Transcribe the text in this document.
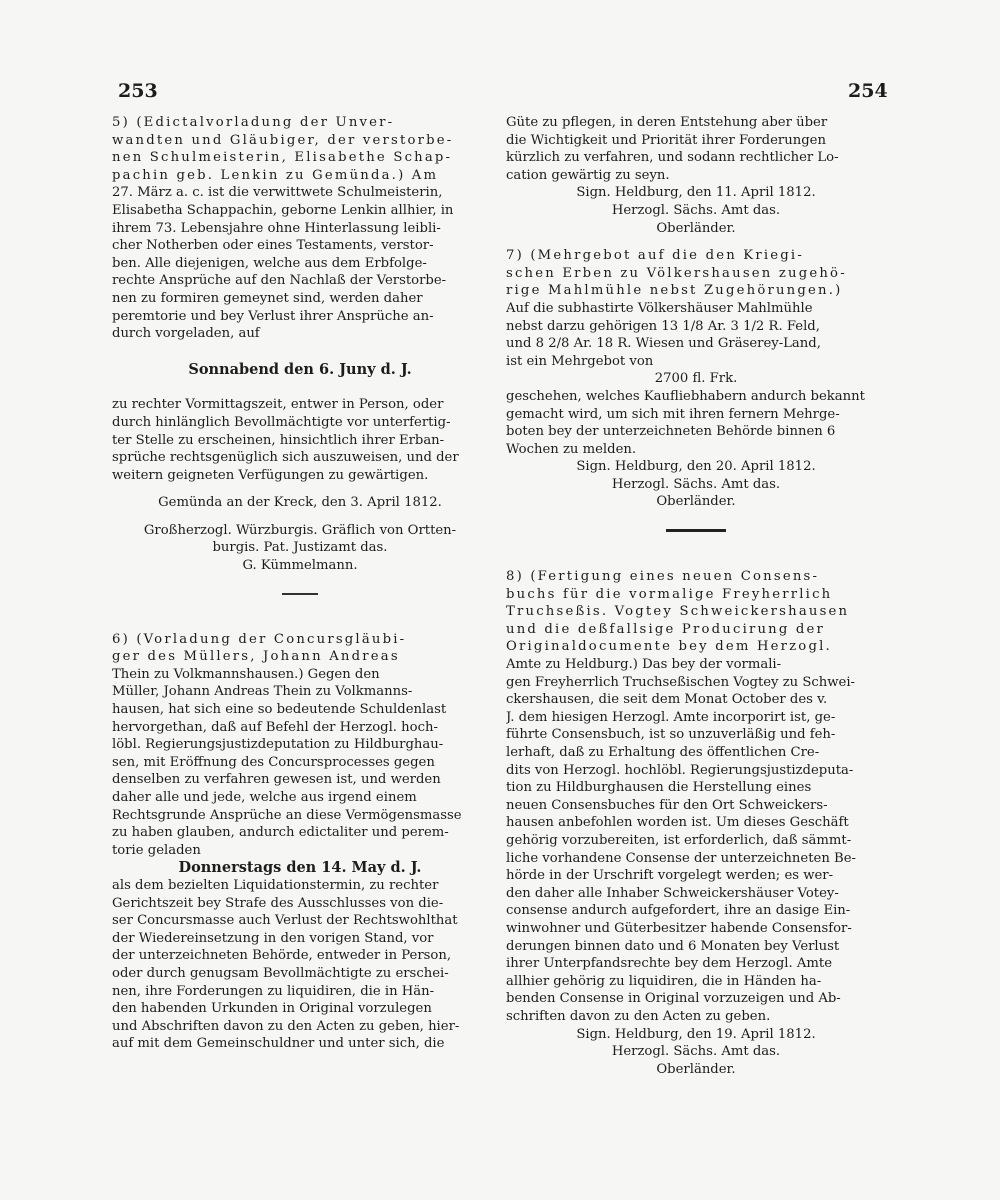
253	254
5) (Edictalvorladung der Unver-
wandten und Gläubiger, der verstorbe-
nen Schulmeisterin, Elisabethe Schap-
pachin geb. Lenkin zu Gemünda.) Am
27. März a. c. ist die verwittwete Schulmeisterin,
Elisabetha Schappachin, geborne Lenkin allhier, in
ihrem 73. Lebensjahre ohne Hinterlassung leibli-
cher Notherben oder eines Testaments, verstor-
ben. Alle diejenigen, welche aus dem Erbfolge-
rechte Ansprüche auf den Nachlaß der Verstorbe-
nen zu formiren gemeynet sind, werden daher
peremtorie und bey Verlust ihrer Ansprüche an-
durch vorgeladen, auf
Sonnabend den 6. Juny d. J.
zu rechter Vormittagszeit, entwer in Person, oder
durch hinlänglich Bevollmächtigte vor unterfertig-
ter Stelle zu erscheinen, hinsichtlich ihrer Erban-
sprüche rechtsgenüglich sich auszuweisen, und der
weitern geigneten Verfügungen zu gewärtigen.
Gemünda an der Kreck, den 3. April 1812.
Großherzogl. Würzburgis. Gräflich von Ortten-
burgis. Pat. Justizamt das.
G. Kümmelmann.
6) (Vorladung der Concursgläubi-
ger des Müllers, Johann Andreas
Thein zu Volkmannshausen.) Gegen den
Müller, Johann Andreas Thein zu Volkmanns-
hausen, hat sich eine so bedeutende Schuldenlast
hervorgethan, daß auf Befehl der Herzogl. hoch-
löbl. Regierungsjustizdeputation zu Hildburghau-
sen, mit Eröffnung des Concursprocesses gegen
denselben zu verfahren gewesen ist, und werden
daher alle und jede, welche aus irgend einem
Rechtsgrunde Ansprüche an diese Vermögensmasse
zu haben glauben, andurch edictaliter und perem-
torie geladen
Donnerstags den 14. May d. J.
als dem bezielten Liquidationstermin, zu rechter
Gerichtszeit bey Strafe des Ausschlusses von die-
ser Concursmasse auch Verlust der Rechtswohlthat
der Wiedereinsetzung in den vorigen Stand, vor
der unterzeichneten Behörde, entweder in Person,
oder durch genugsam Bevollmächtigte zu erschei-
nen, ihre Forderungen zu liquidiren, die in Hän-
den habenden Urkunden in Original vorzulegen
und Abschriften davon zu den Acten zu geben, hier-
auf mit dem Gemeinschuldner und unter sich, die
Güte zu pflegen, in deren Entstehung aber über
die Wichtigkeit und Priorität ihrer Forderungen
kürzlich zu verfahren, und sodann rechtlicher Lo-
cation gewärtig zu seyn.
Sign. Heldburg, den 11. April 1812.
Herzogl. Sächs. Amt das.
Oberländer.
7) (Mehrgebot auf die den Kriegi-
schen Erben zu Völkershausen zugehö-
rige Mahlmühle nebst Zugehörungen.)
Auf die subhastirte Völkershäuser Mahlmühle
nebst darzu gehörigen 13 1/8 Ar. 3 1/2 R. Feld,
und 8 2/8 Ar. 18 R. Wiesen und Gräserey-Land,
ist ein Mehrgebot von
2700 fl. Frk.
geschehen, welches Kaufliebhabern andurch bekannt
gemacht wird, um sich mit ihren fernern Mehrge-
boten bey der unterzeichneten Behörde binnen 6
Wochen zu melden.
Sign. Heldburg, den 20. April 1812.
Herzogl. Sächs. Amt das.
Oberländer.
8) (Fertigung eines neuen Consens-
buchs für die vormalige Freyherrlich
Truchseßis. Vogtey Schweickershausen
und die deßfallsige Producirung der
Originaldocumente bey dem Herzogl.
Amte zu Heldburg.) Das bey der vormali-
gen Freyherrlich Truchseßischen Vogtey zu Schwei-
ckershausen, die seit dem Monat October des v.
J. dem hiesigen Herzogl. Amte incorporirt ist, ge-
führte Consensbuch, ist so unzuverläßig und feh-
lerhaft, daß zu Erhaltung des öffentlichen Cre-
dits von Herzogl. hochlöbl. Regierungsjustizdeputa-
tion zu Hildburghausen die Herstellung eines
neuen Consensbuches für den Ort Schweickers-
hausen anbefohlen worden ist. Um dieses Geschäft
gehörig vorzubereiten, ist erforderlich, daß sämmt-
liche vorhandene Consense der unterzeichneten Be-
hörde in der Urschrift vorgelegt werden; es wer-
den daher alle Inhaber Schweickershäuser Votey-
consense andurch aufgefordert, ihre an dasige Ein-
winwohner und Güterbesitzer habende Consensfor-
derungen binnen dato und 6 Monaten bey Verlust
ihrer Unterpfandsrechte bey dem Herzogl. Amte
allhier gehörig zu liquidiren, die in Händen ha-
benden Consense in Original vorzuzeigen und Ab-
schriften davon zu den Acten zu geben.
Sign. Heldburg, den 19. April 1812.
Herzogl. Sächs. Amt das.
Oberländer.
